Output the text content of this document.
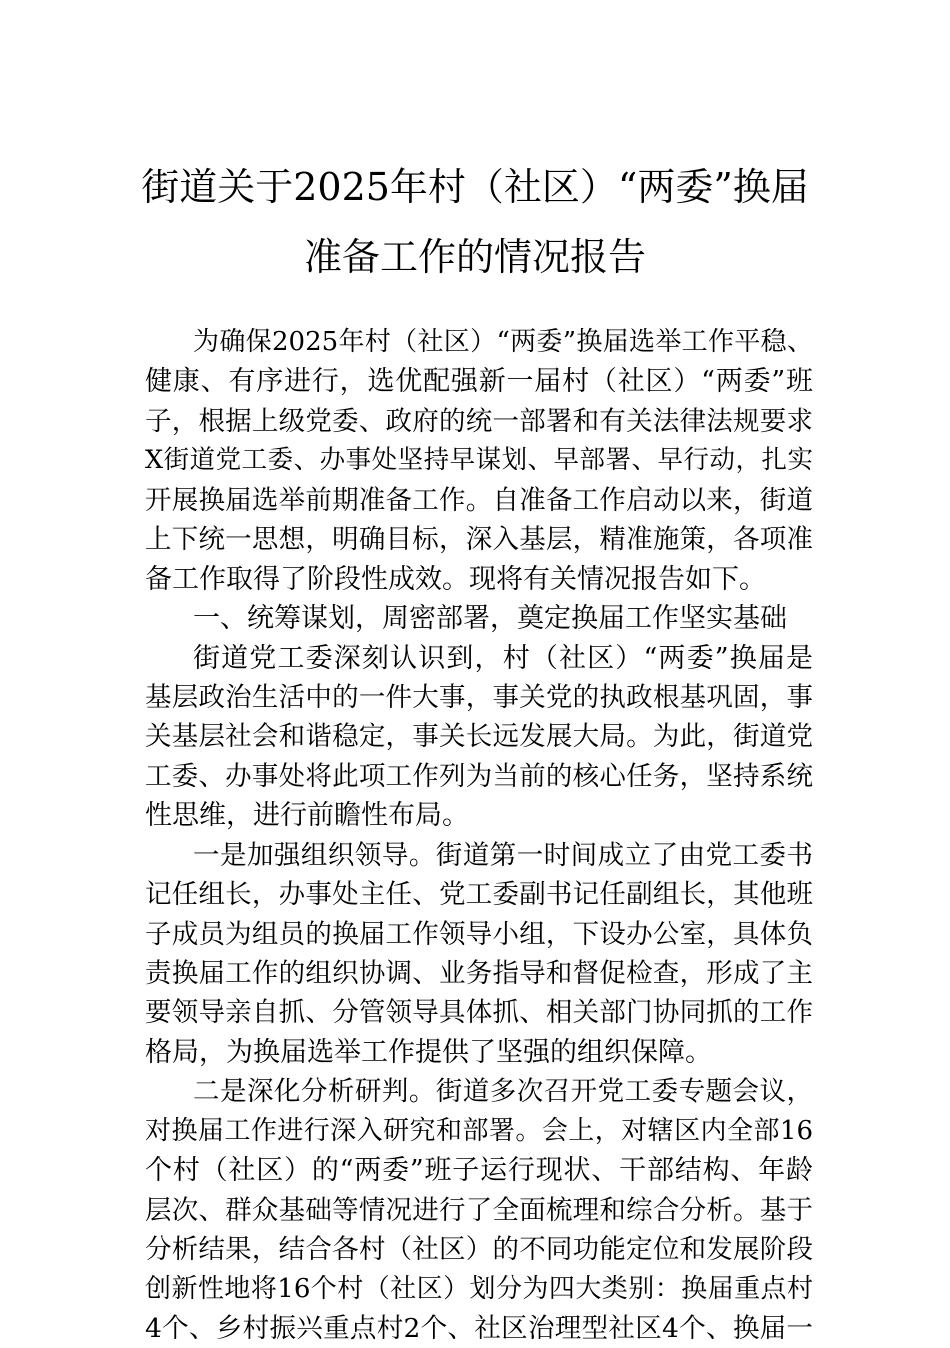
街道关于2025年村（社区）“两委”换届
准备工作的情况报告
为确保2025年村（社区）“两委”换届选举工作平稳、
健康、有序进行，选优配强新一届村（社区）“两委”班
子，根据上级党委、政府的统一部署和有关法律法规要求
X街道党工委、办事处坚持早谋划、早部署、早行动，扎实
开展换届选举前期准备工作。自准备工作启动以来，街道
上下统一思想，明确目标，深入基层，精准施策，各项准
备工作取得了阶段性成效。现将有关情况报告如下。
一、统筹谋划，周密部署，奠定换届工作坚实基础
街道党工委深刻认识到，村（社区）“两委”换届是
基层政治生活中的一件大事，事关党的执政根基巩固，事
关基层社会和谐稳定，事关长远发展大局。为此，街道党
工委、办事处将此项工作列为当前的核心任务，坚持系统
性思维，进行前瞻性布局。
一是加强组织领导。街道第一时间成立了由党工委书
记任组长，办事处主任、党工委副书记任副组长，其他班
子成员为组员的换届工作领导小组，下设办公室，具体负
责换届工作的组织协调、业务指导和督促检查，形成了主
要领导亲自抓、分管领导具体抓、相关部门协同抓的工作
格局，为换届选举工作提供了坚强的组织保障。
二是深化分析研判。街道多次召开党工委专题会议，
对换届工作进行深入研究和部署。会上，对辖区内全部16
个村（社区）的“两委”班子运行现状、干部结构、年龄
层次、群众基础等情况进行了全面梳理和综合分析。基于
分析结果，结合各村（社区）的不同功能定位和发展阶段
创新性地将16个村（社区）划分为四大类别：换届重点村
4个、乡村振兴重点村2个、社区治理型社区4个、换届一
